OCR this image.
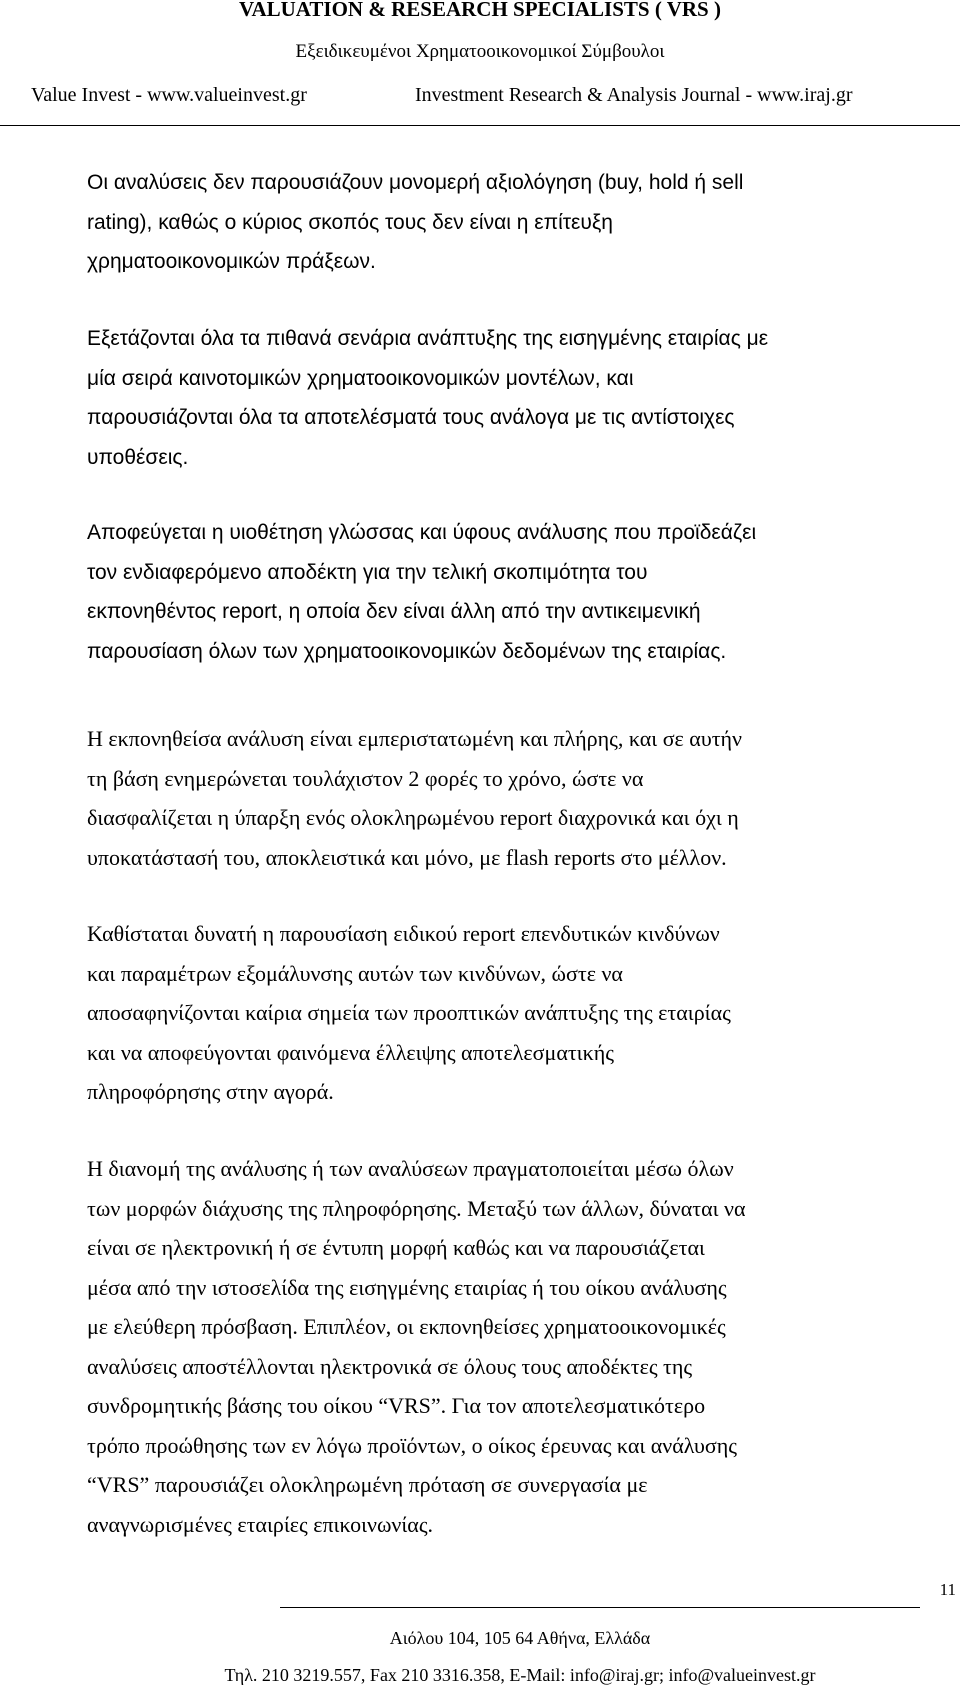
VALUATION & RESEARCH SPECIALISTS ( VRS )
Εξειδικευμένοι Χρηματοοικονομικοί Σύμβουλοι
Value Invest - www.valueinvest.gr	Investment Research & Analysis Journal - www.iraj.gr

Οι αναλύσεις δεν παρουσιάζουν μονομερή αξιολόγηση (buy, hold ή sell
rating), καθώς ο κύριος σκοπός τους δεν είναι η επίτευξη
χρηματοοικονομικών πράξεων.

Εξετάζονται όλα τα πιθανά σενάρια ανάπτυξης της εισηγμένης εταιρίας με
μία σειρά καινοτομικών χρηματοοικονομικών μοντέλων, και
παρουσιάζονται όλα τα αποτελέσματά τους ανάλογα με τις αντίστοιχες
υποθέσεις.

Αποφεύγεται η υιοθέτηση γλώσσας και ύφους ανάλυσης που προϊδεάζει
τον ενδιαφερόμενο αποδέκτη για την τελική σκοπιμότητα του
εκπονηθέντος report, η οποία δεν είναι άλλη από την αντικειμενική
παρουσίαση όλων των χρηματοοικονομικών δεδομένων της εταιρίας.

Η εκπονηθείσα ανάλυση είναι εμπεριστατωμένη και πλήρης, και σε αυτήν
τη βάση ενημερώνεται τουλάχιστον 2 φορές το χρόνο, ώστε να
διασφαλίζεται η ύπαρξη ενός ολοκληρωμένου report διαχρονικά και όχι η
υποκατάστασή του, αποκλειστικά και μόνο, με flash reports στο μέλλον.

Καθίσταται δυνατή η παρουσίαση ειδικού report επενδυτικών κινδύνων
και παραμέτρων εξομάλυνσης αυτών των κινδύνων, ώστε να
αποσαφηνίζονται καίρια σημεία των προοπτικών ανάπτυξης της εταιρίας
και να αποφεύγονται φαινόμενα έλλειψης αποτελεσματικής
πληροφόρησης στην αγορά.

Η διανομή της ανάλυσης ή των αναλύσεων πραγματοποιείται μέσω όλων
των μορφών διάχυσης της πληροφόρησης. Μεταξύ των άλλων, δύναται να
είναι σε ηλεκτρονική ή σε έντυπη μορφή καθώς και να παρουσιάζεται
μέσα από την ιστοσελίδα της εισηγμένης εταιρίας ή του οίκου ανάλυσης
με ελεύθερη πρόσβαση. Επιπλέον, οι εκπονηθείσες χρηματοοικονομικές
αναλύσεις αποστέλλονται ηλεκτρονικά σε όλους τους αποδέκτες της
συνδρομητικής βάσης του οίκου “VRS”. Για τον αποτελεσματικότερο
τρόπο προώθησης των εν λόγω προϊόντων, ο οίκος έρευνας και ανάλυσης
“VRS” παρουσιάζει ολοκληρωμένη πρόταση σε συνεργασία με
αναγνωρισμένες εταιρίες επικοινωνίας.

11
Αιόλου 104, 105 64 Αθήνα, Ελλάδα
Τηλ. 210 3219.557, Fax 210 3316.358, E-Mail: info@iraj.gr; info@valueinvest.gr
